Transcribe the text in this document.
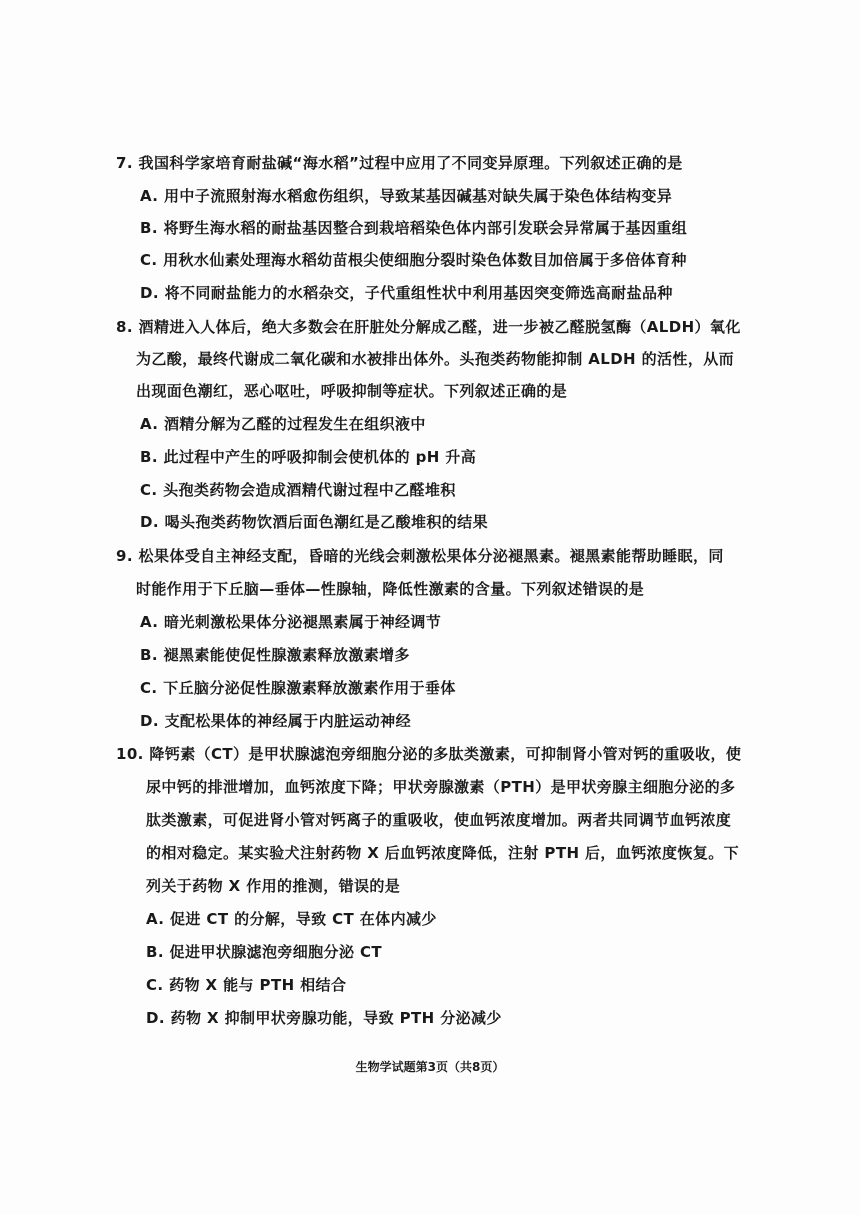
7. 我国科学家培育耐盐碱“海水稻”过程中应用了不同变异原理。下列叙述正确的是
A. 用中子流照射海水稻愈伤组织，导致某基因碱基对缺失属于染色体结构变异
B. 将野生海水稻的耐盐基因整合到栽培稻染色体内部引发联会异常属于基因重组
C. 用秋水仙素处理海水稻幼苗根尖使细胞分裂时染色体数目加倍属于多倍体育种
D. 将不同耐盐能力的水稻杂交，子代重组性状中利用基因突变筛选高耐盐品种
8. 酒精进入人体后，绝大多数会在肝脏处分解成乙醛，进一步被乙醛脱氢酶（ALDH）氧化
为乙酸，最终代谢成二氧化碳和水被排出体外。头孢类药物能抑制 ALDH 的活性，从而
出现面色潮红，恶心呕吐，呼吸抑制等症状。下列叙述正确的是
A. 酒精分解为乙醛的过程发生在组织液中
B. 此过程中产生的呼吸抑制会使机体的 pH 升高
C. 头孢类药物会造成酒精代谢过程中乙醛堆积
D. 喝头孢类药物饮酒后面色潮红是乙酸堆积的结果
9. 松果体受自主神经支配，昏暗的光线会刺激松果体分泌褪黑素。褪黑素能帮助睡眠，同
时能作用于下丘脑—垂体—性腺轴，降低性激素的含量。下列叙述错误的是
A. 暗光刺激松果体分泌褪黑素属于神经调节
B. 褪黑素能使促性腺激素释放激素增多
C. 下丘脑分泌促性腺激素释放激素作用于垂体
D. 支配松果体的神经属于内脏运动神经
10. 降钙素（CT）是甲状腺滤泡旁细胞分泌的多肽类激素，可抑制肾小管对钙的重吸收，使
尿中钙的排泄增加，血钙浓度下降；甲状旁腺激素（PTH）是甲状旁腺主细胞分泌的多
肽类激素，可促进肾小管对钙离子的重吸收，使血钙浓度增加。两者共同调节血钙浓度
的相对稳定。某实验犬注射药物 X 后血钙浓度降低，注射 PTH 后，血钙浓度恢复。下
列关于药物 X 作用的推测，错误的是
A. 促进 CT 的分解，导致 CT 在体内减少
B. 促进甲状腺滤泡旁细胞分泌 CT
C. 药物 X 能与 PTH 相结合
D. 药物 X 抑制甲状旁腺功能，导致 PTH 分泌减少
生物学试题第3页（共8页）
